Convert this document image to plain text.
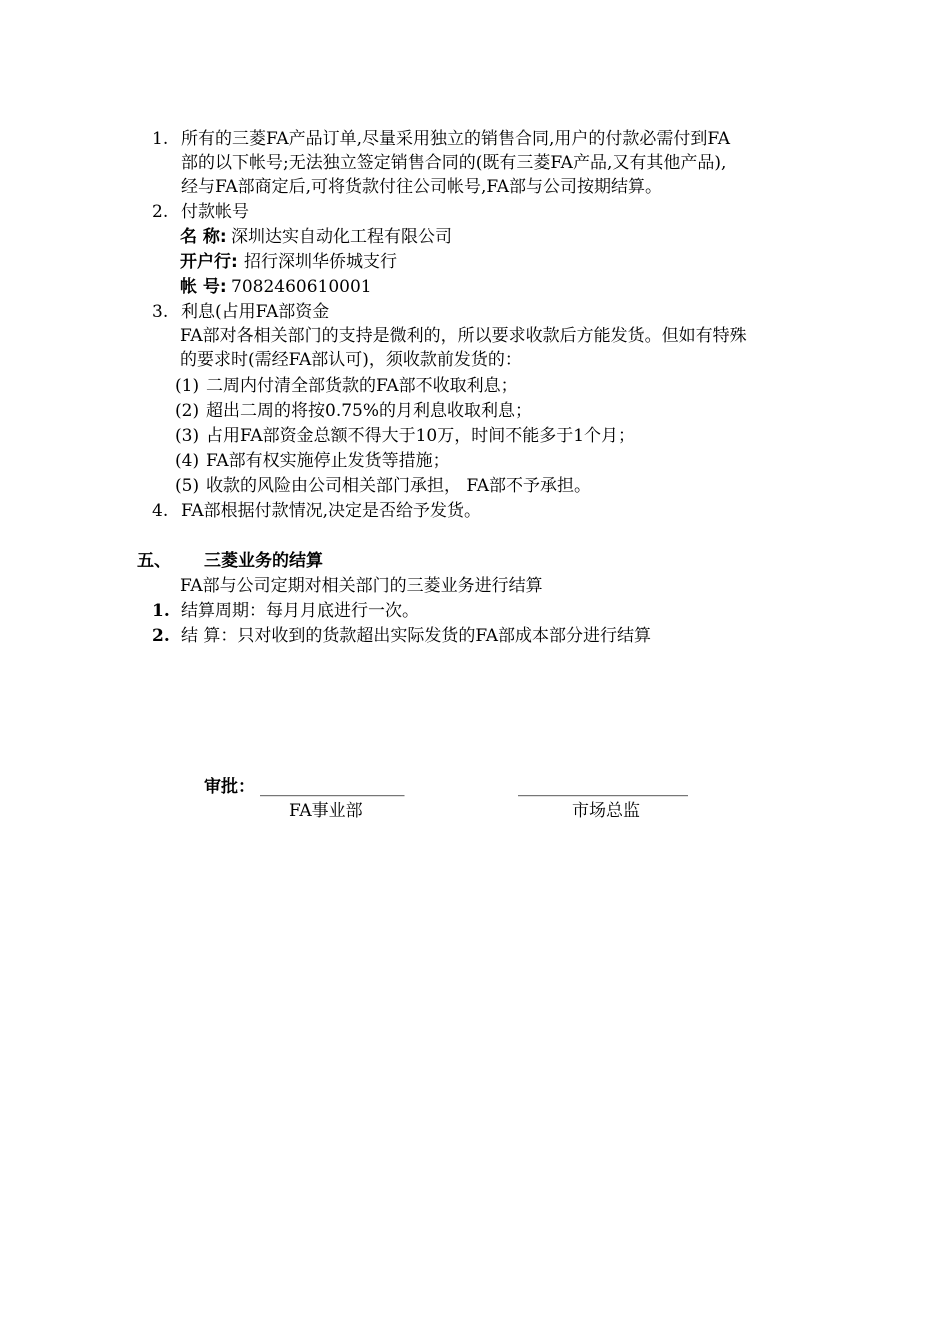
1. 所有的三菱FA产品订单,尽量采用独立的销售合同,用户的付款必需付到FA
部的以下帐号;无法独立签定销售合同的(既有三菱FA产品,又有其他产品),
经与FA部商定后,可将货款付往公司帐号,FA部与公司按期结算。
2. 付款帐号
名 称: 深圳达实自动化工程有限公司
开户行: 招行深圳华侨城支行
帐 号: 7082460610001
3. 利息(占用FA部资金
FA部对各相关部门的支持是微利的，所以要求收款后方能发货。但如有特殊
的要求时(需经FA部认可)，须收款前发货的：
(1) 二周内付清全部货款的FA部不收取利息；
(2) 超出二周的将按0.75%的月利息收取利息；
(3) 占用FA部资金总额不得大于10万，时间不能多于1个月；
(4) FA部有权实施停止发货等措施；
(5) 收款的风险由公司相关部门承担， FA部不予承担。
4. FA部根据付款情况,决定是否给予发货。
五、 三菱业务的结算
FA部与公司定期对相关部门的三菱业务进行结算
1. 结算周期：每月月底进行一次。
2. 结 算：只对收到的货款超出实际发货的FA部成本部分进行结算
审批： _________________	____________________
FA事业部	市场总监
